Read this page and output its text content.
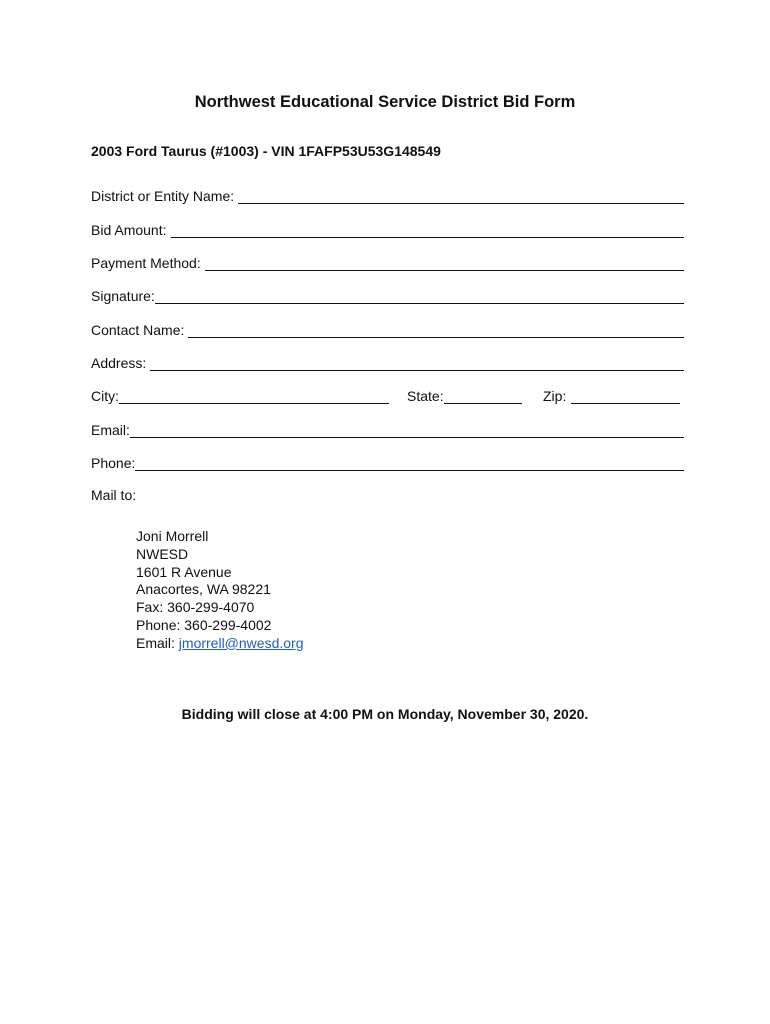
Northwest Educational Service District Bid Form
2003 Ford Taurus (#1003) - VIN 1FAFP53U53G148549
District or Entity Name:
Bid Amount:
Payment Method:
Signature:
Contact Name:
Address:
City:	State:	Zip:
Email:
Phone:
Mail to:
Joni Morrell
NWESD
1601 R Avenue
Anacortes, WA 98221
Fax: 360-299-4070
Phone: 360-299-4002
Email: jmorrell@nwesd.org
Bidding will close at 4:00 PM on Monday, November 30, 2020.
